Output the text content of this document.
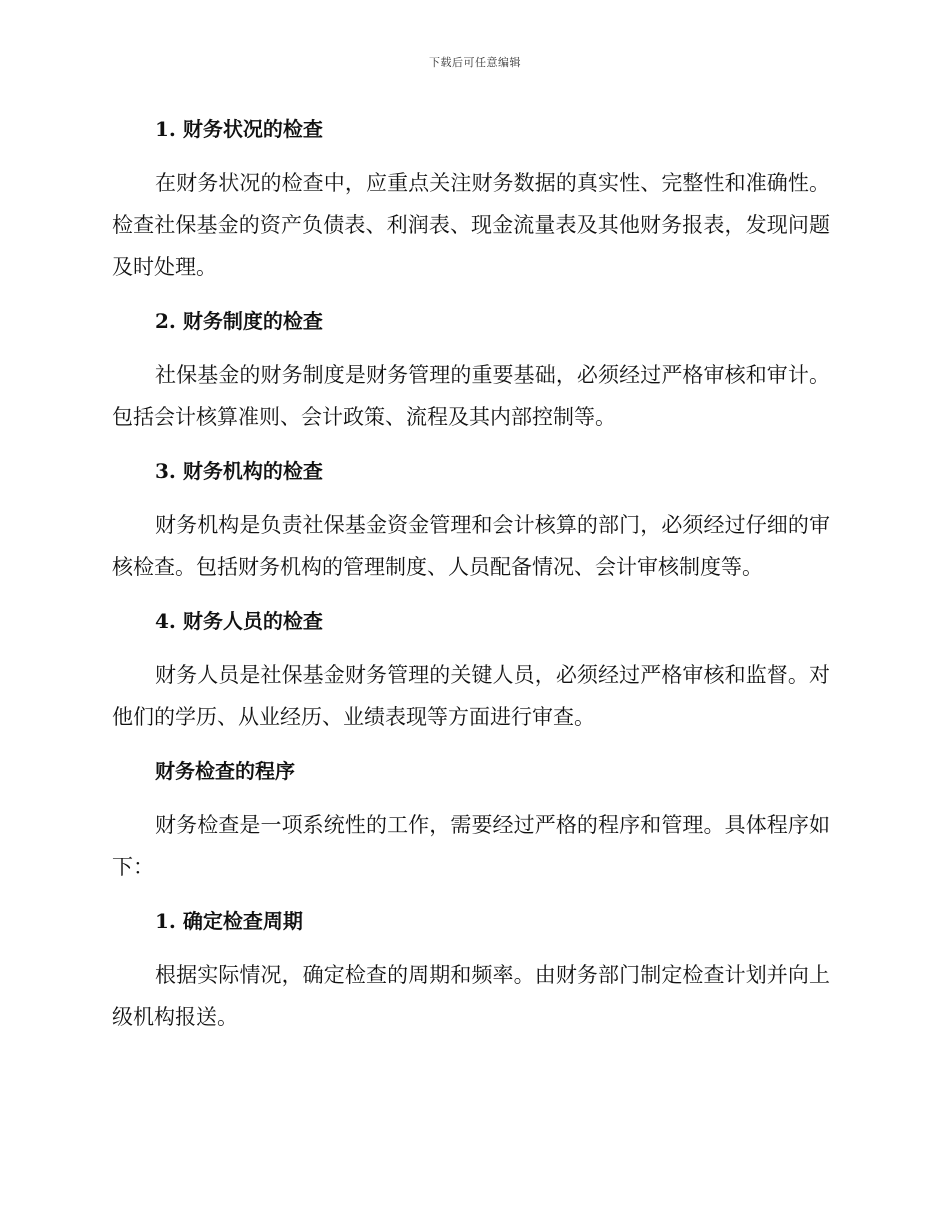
下载后可任意编辑

1. 财务状况的检查

在财务状况的检查中，应重点关注财务数据的真实性、完整性和准确性。检查社保基金的资产负债表、利润表、现金流量表及其他财务报表，发现问题及时处理。

2. 财务制度的检查

社保基金的财务制度是财务管理的重要基础，必须经过严格审核和审计。包括会计核算准则、会计政策、流程及其内部控制等。

3. 财务机构的检查

财务机构是负责社保基金资金管理和会计核算的部门，必须经过仔细的审核检查。包括财务机构的管理制度、人员配备情况、会计审核制度等。

4. 财务人员的检查

财务人员是社保基金财务管理的关键人员，必须经过严格审核和监督。对他们的学历、从业经历、业绩表现等方面进行审查。

财务检查的程序

财务检查是一项系统性的工作，需要经过严格的程序和管理。具体程序如下：

1. 确定检查周期

根据实际情况，确定检查的周期和频率。由财务部门制定检查计划并向上级机构报送。
